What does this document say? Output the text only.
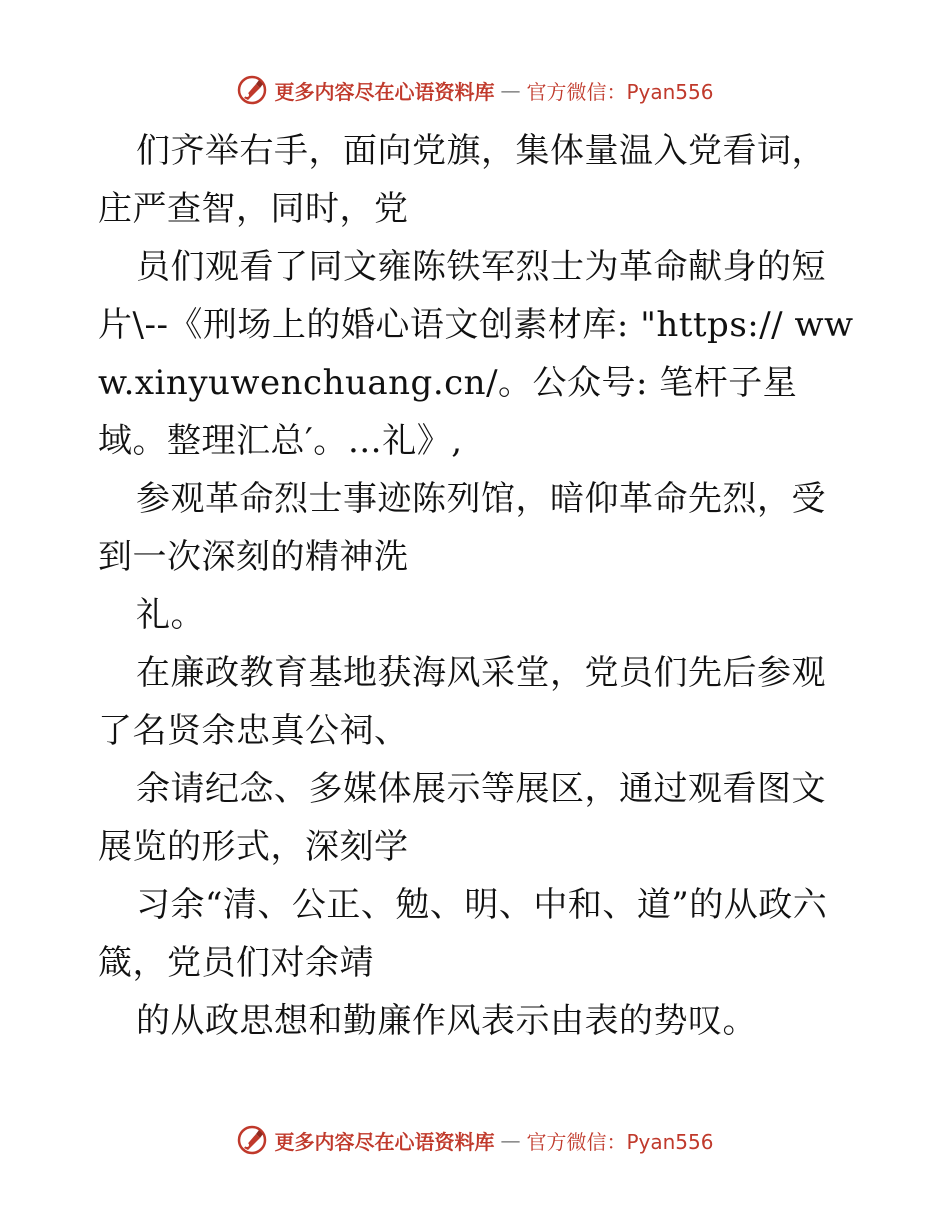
更多内容尽在心语资料库 — 官方微信：Pyan556

们齐举右手，面向党旗，集体量温入党看词，庄严查智，同时，党

员们观看了同文雍陈铁军烈士为革命献身的短片\--《刑场上的婚心语文创素材库: "https:// www.xinyuwenchuang.cn/。公众号: 笔杆子星域。整理汇总′。…礼》,

参观革命烈士事迹陈列馆，暗仰革命先烈，受到一次深刻的精神洗

礼。

在廉政教育基地获海风采堂，党员们先后参观了名贤余忠真公祠、

余请纪念、多媒体展示等展区，通过观看图文展览的形式，深刻学

习余“清、公正、勉、明、中和、道”的从政六箴，党员们对余靖

的从政思想和勤廉作风表示由表的势叹。

更多内容尽在心语资料库 — 官方微信：Pyan556
